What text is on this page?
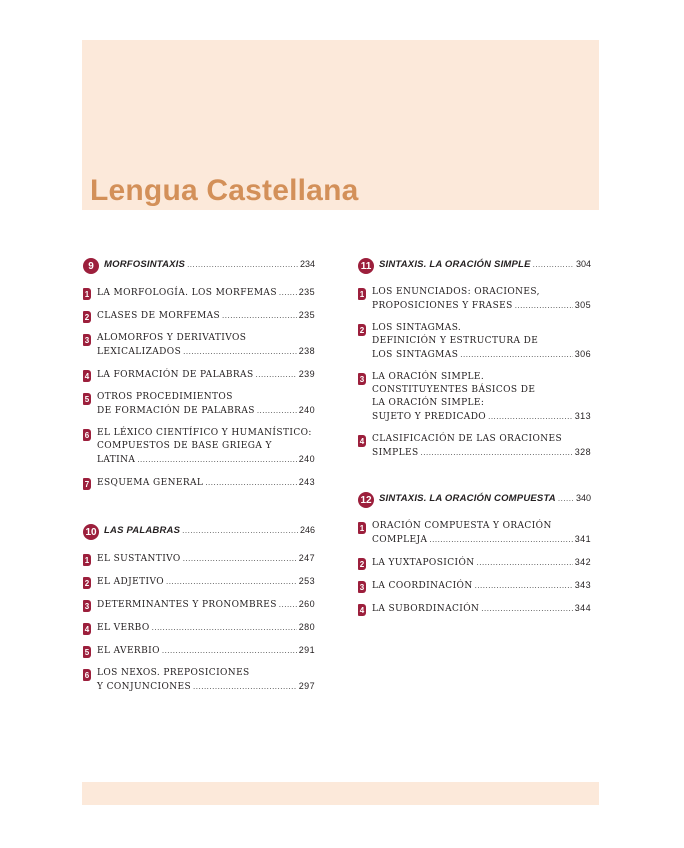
Lengua Castellana
9	MORFOSINTAXIS .....	234
1 LA MORFOLOGÍA. LOS MORFEMAS ..... 235
2 CLASES DE MORFEMAS .....	235
3 ALOMORFOS Y DERIVATIVOS
LEXICALIZADOS .....	238
4 LA FORMACIÓN DE PALABRAS .....	239
5 OTROS PROCEDIMIENTOS
DE FORMACIÓN DE PALABRAS .....	240
6 EL LÉXICO CIENTÍFICO Y HUMANÍSTICO:
COMPUESTOS DE BASE GRIEGA Y
LATINA .....	240
7 ESQUEMA GENERAL .....	243
10 LAS PALABRAS .....	246
1 EL SUSTANTIVO .....	247
2 EL ADJETIVO .....	253
3 DETERMINANTES Y PRONOMBRES ..... 260
4 EL VERBO .....	280
5 EL AVERBIO .....	291
6 LOS NEXOS. PREPOSICIONES
Y CONJUNCIONES .....	297
11 SINTAXIS. LA ORACIÓN SIMPLE .....	304
1 LOS ENUNCIADOS: ORACIONES,
PROPOSICIONES Y FRASES .....	305
2 LOS SINTAGMAS.
DEFINICIÓN Y ESTRUCTURA DE
LOS SINTAGMAS .....	306
3 LA ORACIÓN SIMPLE.
CONSTITUYENTES BÁSICOS DE
LA ORACIÓN SIMPLE:
SUJETO Y PREDICADO .....	313
4 CLASIFICACIÓN DE LAS ORACIONES
SIMPLES .....	328
12 SINTAXIS. LA ORACIÓN COMPUESTA ..... 340
1 ORACIÓN COMPUESTA Y ORACIÓN
COMPLEJA .....	341
2 LA YUXTAPOSICIÓN .....	342
3 LA COORDINACIÓN .....	343
4 LA SUBORDINACIÓN .....	344
